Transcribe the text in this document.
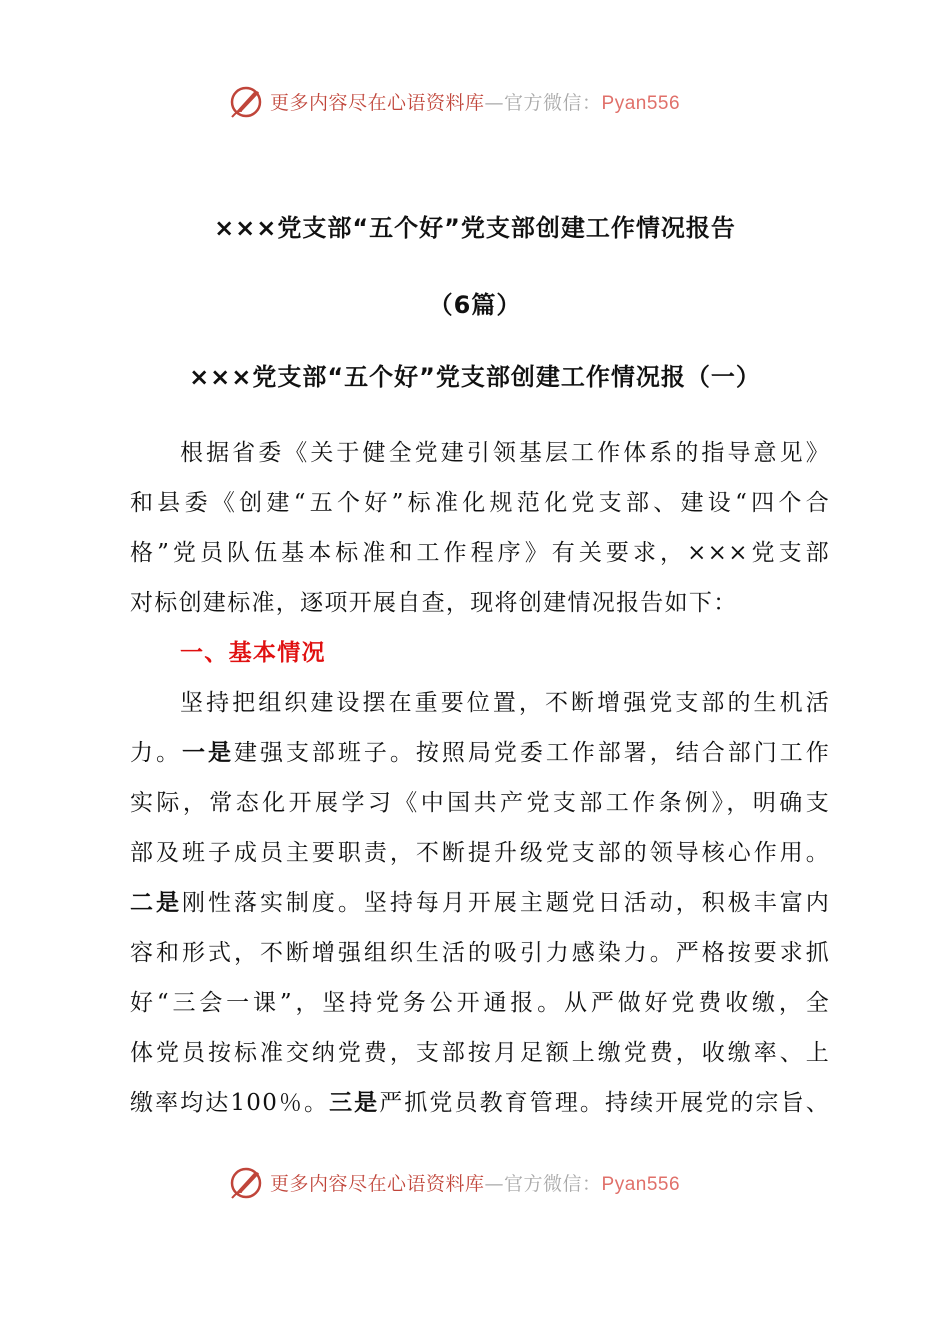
更多内容尽在心语资料库—官方微信：Pyan556
×××党支部“五个好”党支部创建工作情况报告
（6篇）
×××党支部“五个好”党支部创建工作情况报（一）
根据省委《关于健全党建引领基层工作体系的指导意见》
和县委《创建“五个好”标准化规范化党支部、建设“四个合
格”党员队伍基本标准和工作程序》有关要求，×××党支部
对标创建标准，逐项开展自查，现将创建情况报告如下：
一、基本情况
坚持把组织建设摆在重要位置，不断增强党支部的生机活
力。一是建强支部班子。按照局党委工作部署，结合部门工作
实际，常态化开展学习《中国共产党支部工作条例》，明确支
部及班子成员主要职责，不断提升级党支部的领导核心作用。
二是刚性落实制度。坚持每月开展主题党日活动，积极丰富内
容和形式，不断增强组织生活的吸引力感染力。严格按要求抓
好“三会一课”，坚持党务公开通报。从严做好党费收缴，全
体党员按标准交纳党费，支部按月足额上缴党费，收缴率、上
缴率均达100％。三是严抓党员教育管理。持续开展党的宗旨、
更多内容尽在心语资料库—官方微信：Pyan556
